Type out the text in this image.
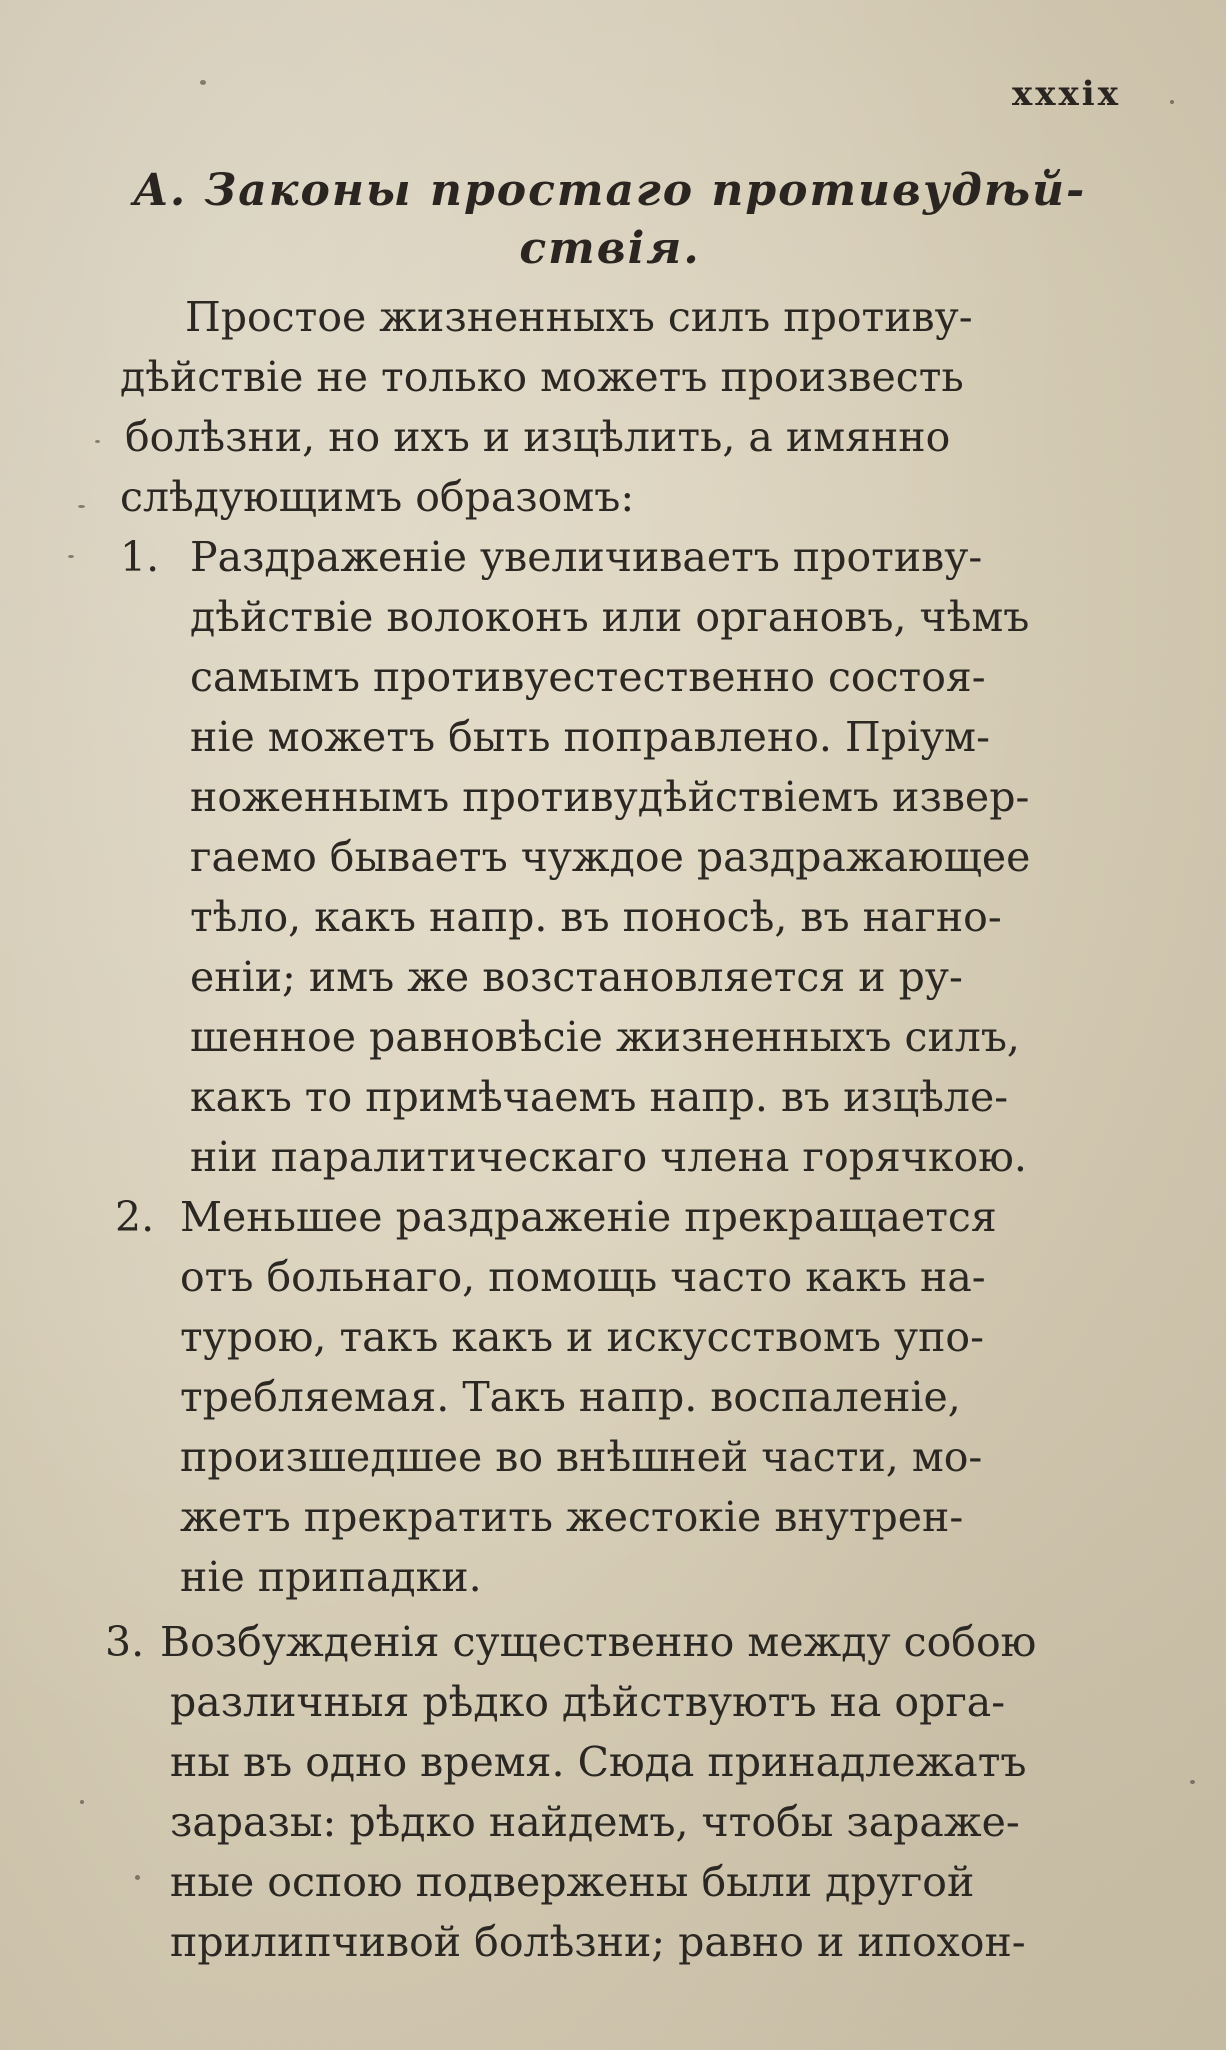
xxxix
A. Законы простаго противудѣй-
ствія.
Простое жизненныхъ силъ противу-
дѣйствіе не только можетъ произвесть
болѣзни, но ихъ и изцѣлить, а имянно
слѣдующимъ образомъ:
1. Раздраженіе увеличиваетъ противу-
дѣйствіе волоконъ или органовъ, чѣмъ
самымъ противуестественно состоя-
ніе можетъ быть поправлено. Пріум-
ноженнымъ противудѣйствіемъ извер-
гаемо бываетъ чуждое раздражающее
тѣло, какъ напр. въ поносѣ, въ нагно-
еніи; имъ же возстановляется и ру-
шенное равновѣсіе жизненныхъ силъ,
какъ то примѣчаемъ напр. въ изцѣле-
ніи паралитическаго члена горячкою.
2. Меньшее раздраженіе прекращается
отъ больнаго, помощь часто какъ на-
турою, такъ какъ и искусствомъ упо-
требляемая. Такъ напр. воспаленіе,
произшедшее во внѣшней части, мо-
жетъ прекратить жестокіе внутрен-
ніе припадки.
3. Возбужденія существенно между собою
различныя рѣдко дѣйствуютъ на орга-
ны въ одно время. Сюда принадлежатъ
заразы: рѣдко найдемъ, чтобы зараже-
ные оспою подвержены были другой
прилипчивой болѣзни; равно и ипохон-
